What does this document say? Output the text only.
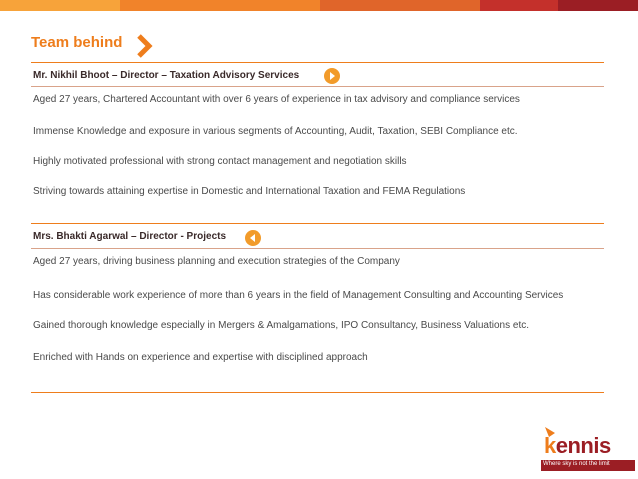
Team behind
Mr. Nikhil Bhoot – Director – Taxation Advisory Services
Aged 27 years, Chartered Accountant with over 6 years of experience in tax advisory and compliance services
Immense Knowledge and exposure in various segments of Accounting, Audit, Taxation, SEBI Compliance etc.
Highly motivated professional with strong contact management and negotiation skills
Striving towards attaining expertise in Domestic and International Taxation and FEMA Regulations
Mrs. Bhakti Agarwal – Director - Projects
Aged 27 years, driving business planning and execution strategies of the Company
Has considerable work experience of more than 6 years in the field of Management Consulting and Accounting Services
Gained thorough knowledge especially in Mergers & Amalgamations, IPO Consultancy, Business Valuations etc.
Enriched with Hands on experience and expertise with disciplined approach
kennis
Where sky is not the limit
